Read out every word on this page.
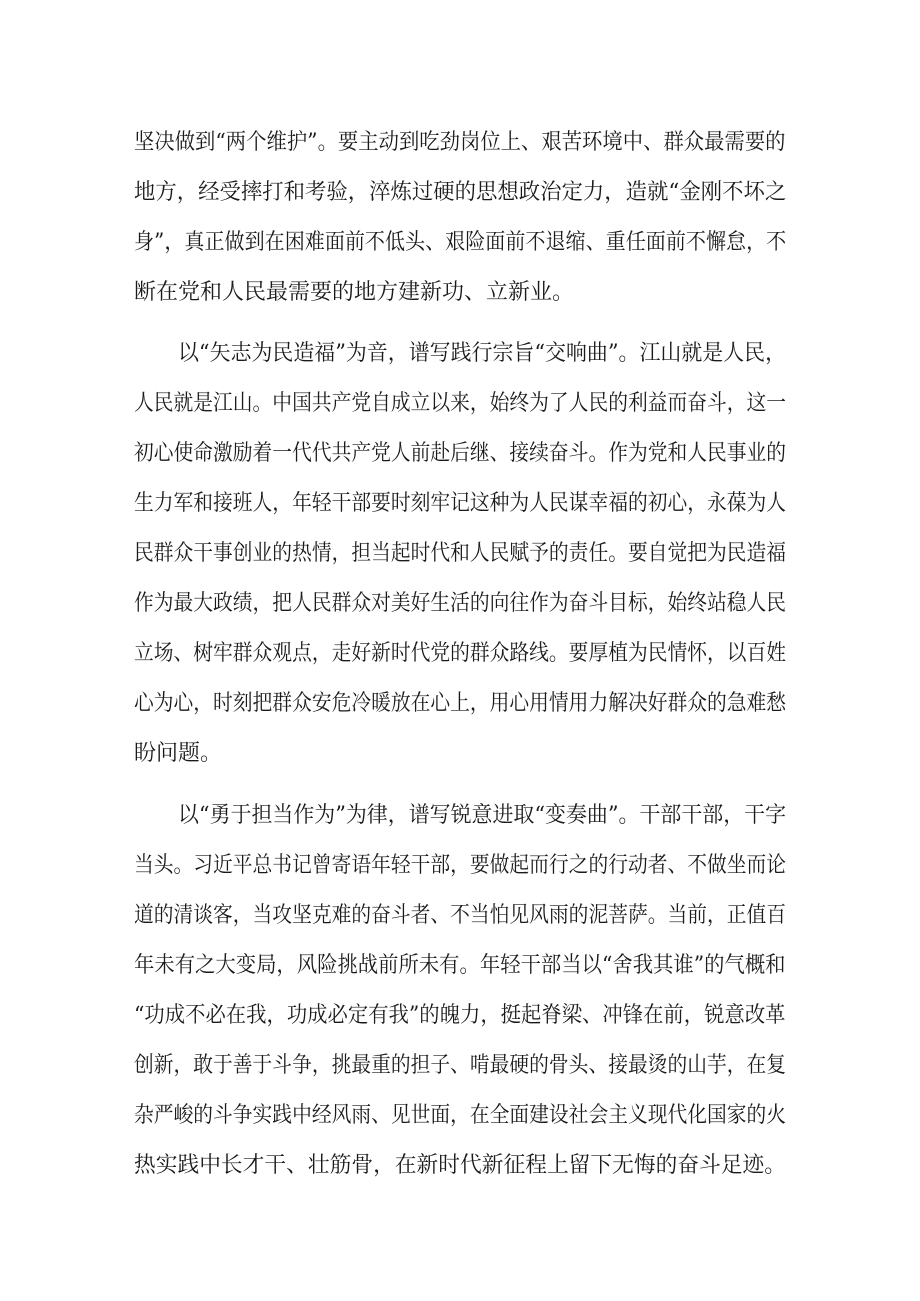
坚决做到“两个维护”。要主动到吃劲岗位上、艰苦环境中、群众最需要的
地方，经受摔打和考验，淬炼过硬的思想政治定力，造就“金刚不坏之
身”，真正做到在困难面前不低头、艰险面前不退缩、重任面前不懈怠，不
断在党和人民最需要的地方建新功、立新业。
以“矢志为民造福”为音，谱写践行宗旨“交响曲”。江山就是人民，
人民就是江山。中国共产党自成立以来，始终为了人民的利益而奋斗，这一
初心使命激励着一代代共产党人前赴后继、接续奋斗。作为党和人民事业的
生力军和接班人，年轻干部要时刻牢记这种为人民谋幸福的初心，永葆为人
民群众干事创业的热情，担当起时代和人民赋予的责任。要自觉把为民造福
作为最大政绩，把人民群众对美好生活的向往作为奋斗目标，始终站稳人民
立场、树牢群众观点，走好新时代党的群众路线。要厚植为民情怀，以百姓
心为心，时刻把群众安危冷暖放在心上，用心用情用力解决好群众的急难愁
盼问题。
以“勇于担当作为”为律，谱写锐意进取“变奏曲”。干部干部，干字
当头。习近平总书记曾寄语年轻干部，要做起而行之的行动者、不做坐而论
道的清谈客，当攻坚克难的奋斗者、不当怕见风雨的泥菩萨。当前，正值百
年未有之大变局，风险挑战前所未有。年轻干部当以“舍我其谁”的气概和
“功成不必在我，功成必定有我”的魄力，挺起脊梁、冲锋在前，锐意改革
创新，敢于善于斗争，挑最重的担子、啃最硬的骨头、接最烫的山芋，在复
杂严峻的斗争实践中经风雨、见世面，在全面建设社会主义现代化国家的火
热实践中长才干、壮筋骨，在新时代新征程上留下无悔的奋斗足迹。
